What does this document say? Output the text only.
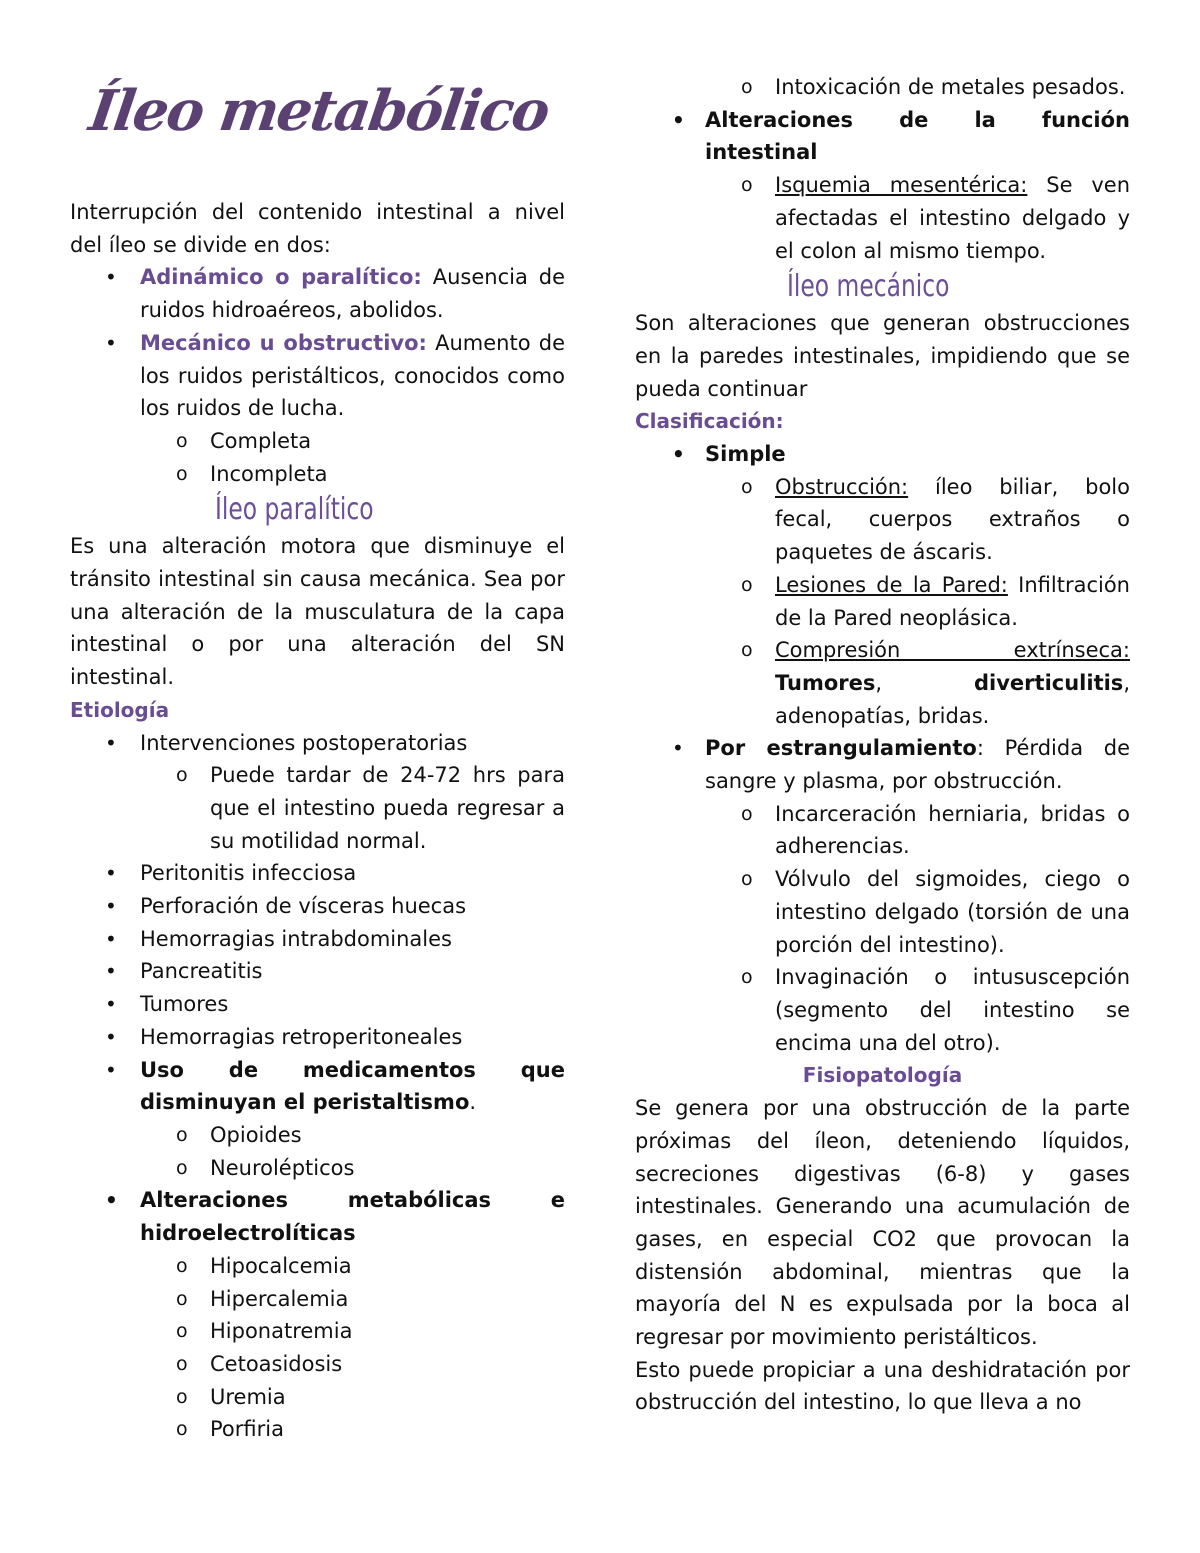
Íleo metabólico

Interrupción del contenido intestinal a nivel del íleo se divide en dos:

• Adinámico o paralítico: Ausencia de ruidos hidroaéreos, abolidos.
• Mecánico u obstructivo: Aumento de los ruidos peristálticos, conocidos como los ruidos de lucha.
o Completa
o Incompleta
Íleo paralítico

Es una alteración motora que disminuye el tránsito intestinal sin causa mecánica. Sea por una alteración de la musculatura de la capa intestinal o por una alteración del SN intestinal.

Etiología
• Intervenciones postoperatorias
o Puede tardar de 24-72 hrs para que el intestino pueda regresar a su motilidad normal.
• Peritonitis infecciosa
• Perforación de vísceras huecas
• Hemorragias intrabdominales
• Pancreatitis
• Tumores
• Hemorragias retroperitoneales
• Uso de medicamentos que disminuyan el peristaltismo.
o Opioides
o Neurolépticos
• Alteraciones metabólicas e hidroelectrolíticas
o Hipocalcemia
o Hipercalemia
o Hiponatremia
o Cetoasidosis
o Uremia
o Porfiria
o Intoxicación de metales pesados.
• Alteraciones de la función intestinal
o Isquemia mesentérica: Se ven afectadas el intestino delgado y el colon al mismo tiempo.
Íleo mecánico

Son alteraciones que generan obstrucciones en la paredes intestinales, impidiendo que se pueda continuar

Clasificación:
• Simple
o Obstrucción: íleo biliar, bolo fecal, cuerpos extraños o paquetes de áscaris.
o Lesiones de la Pared: Infiltración de la Pared neoplásica.
o Compresión extrínseca: Tumores, diverticulitis, adenopatías, bridas.
• Por estrangulamiento: Pérdida de sangre y plasma, por obstrucción.
o Incarceración herniaria, bridas o adherencias.
o Vólvulo del sigmoides, ciego o intestino delgado (torsión de una porción del intestino).
o Invaginación o intususcepción (segmento del intestino se encima una del otro).
Fisiopatología

Se genera por una obstrucción de la parte próximas del íleon, deteniendo líquidos, secreciones digestivas (6-8) y gases intestinales. Generando una acumulación de gases, en especial CO2 que provocan la distensión abdominal, mientras que la mayoría del N es expulsada por la boca al regresar por movimiento peristálticos.

Esto puede propiciar a una deshidratación por obstrucción del intestino, lo que lleva a no
